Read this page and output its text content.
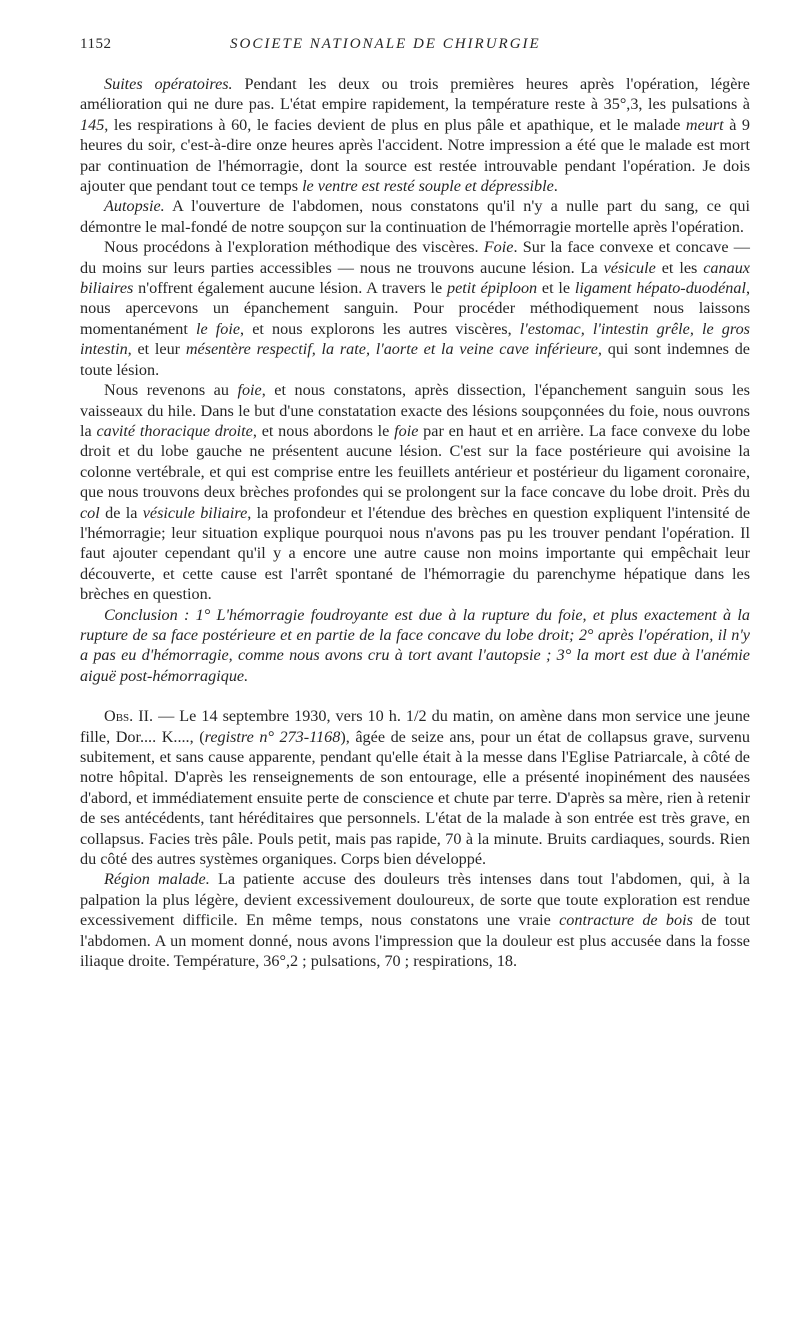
1152	SOCIETE NATIONALE DE CHIRURGIE

Suites opératoires. Pendant les deux ou trois premières heures après l'opération, légère amélioration qui ne dure pas. L'état empire rapidement, la température reste à 35°,3, les pulsations à 145, les respirations à 60, le facies devient de plus en plus pâle et apathique, et le malade meurt à 9 heures du soir, c'est-à-dire onze heures après l'accident. Notre impression a été que le malade est mort par continuation de l'hémorragie, dont la source est restée introuvable pendant l'opération. Je dois ajouter que pendant tout ce temps le ventre est resté souple et dépressible.

Autopsie. A l'ouverture de l'abdomen, nous constatons qu'il n'y a nulle part du sang, ce qui démontre le mal-fondé de notre soupçon sur la continuation de l'hémorragie mortelle après l'opération.

Nous procédons à l'exploration méthodique des viscères. Foie. Sur la face convexe et concave — du moins sur leurs parties accessibles — nous ne trouvons aucune lésion. La vésicule et les canaux biliaires n'offrent également aucune lésion. A travers le petit épiploon et le ligament hépato-duodénal, nous apercevons un épanchement sanguin. Pour procéder méthodiquement nous laissons momentanément le foie, et nous explorons les autres viscères, l'estomac, l'intestin grêle, le gros intestin, et leur mésentère respectif, la rate, l'aorte et la veine cave inférieure, qui sont indemnes de toute lésion.

Nous revenons au foie, et nous constatons, après dissection, l'épanchement sanguin sous les vaisseaux du hile. Dans le but d'une constatation exacte des lésions soupçonnées du foie, nous ouvrons la cavité thoracique droite, et nous abordons le foie par en haut et en arrière. La face convexe du lobe droit et du lobe gauche ne présentent aucune lésion. C'est sur la face postérieure qui avoisine la colonne vertébrale, et qui est comprise entre les feuillets antérieur et postérieur du ligament coronaire, que nous trouvons deux brèches profondes qui se prolongent sur la face concave du lobe droit. Près du col de la vésicule biliaire, la profondeur et l'étendue des brèches en question expliquent l'intensité de l'hémorragie; leur situation explique pourquoi nous n'avons pas pu les trouver pendant l'opération. Il faut ajouter cependant qu'il y a encore une autre cause non moins importante qui empêchait leur découverte, et cette cause est l'arrêt spontané de l'hémorragie du parenchyme hépatique dans les brèches en question.

Conclusion : 1° L'hémorragie foudroyante est due à la rupture du foie, et plus exactement à la rupture de sa face postérieure et en partie de la face concave du lobe droit; 2° après l'opération, il n'y a pas eu d'hémorragie, comme nous avons cru à tort avant l'autopsie ; 3° la mort est due à l'anémie aiguë post-hémorragique.

Obs. II. — Le 14 septembre 1930, vers 10 h. 1/2 du matin, on amène dans mon service une jeune fille, Dor.... K...., (registre n° 273-1168), âgée de seize ans, pour un état de collapsus grave, survenu subitement, et sans cause apparente, pendant qu'elle était à la messe dans l'Eglise Patriarcale, à côté de notre hôpital. D'après les renseignements de son entourage, elle a présenté inopinément des nausées d'abord, et immédiatement ensuite perte de conscience et chute par terre. D'après sa mère, rien à retenir de ses antécédents, tant héréditaires que personnels. L'état de la malade à son entrée est très grave, en collapsus. Facies très pâle. Pouls petit, mais pas rapide, 70 à la minute. Bruits cardiaques, sourds. Rien du côté des autres systèmes organiques. Corps bien développé.

Région malade. La patiente accuse des douleurs très intenses dans tout l'abdomen, qui, à la palpation la plus légère, devient excessivement douloureux, de sorte que toute exploration est rendue excessivement difficile. En même temps, nous constatons une vraie contracture de bois de tout l'abdomen. A un moment donné, nous avons l'impression que la douleur est plus accusée dans la fosse iliaque droite. Température, 36°,2 ; pulsations, 70 ; respirations, 18.
